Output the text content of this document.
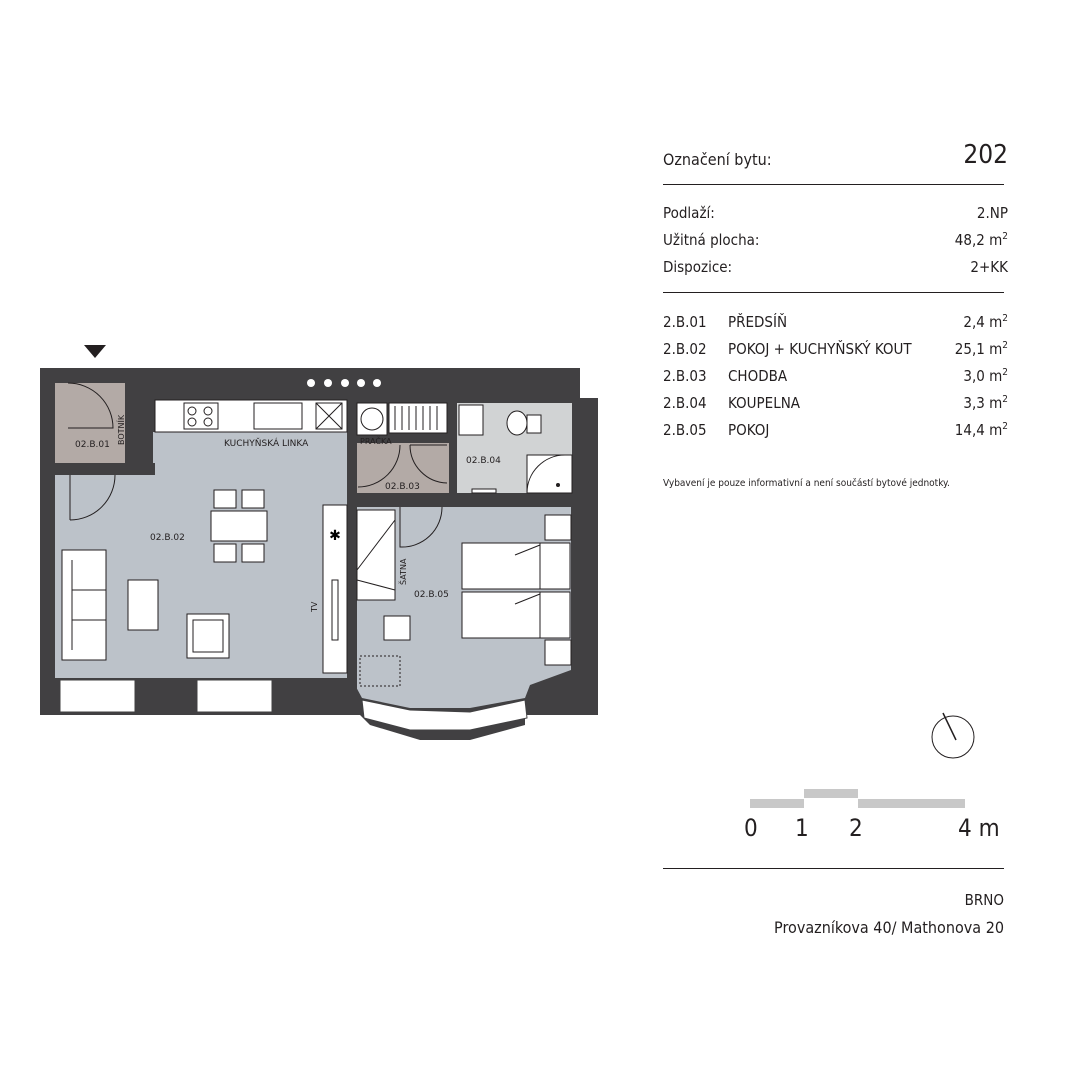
✱
02.B.01 BOTNÍK	KUCHYŇSKÁ LINKA
02.B.02
PRAČKA
02.B.03
02.B.04
ŠATNA
02.B.05
TV
Označení bytu:	202
Podlaží:	2.NP
Užitná plocha:	48,2 $m^2$
Dispozice:	2+KK
2.B.01 PŘEDSÍŇ	2,4 $m^2$
2.B.02 POKOJ + KUCHYŇSKÝ KOUT	25,1 $m^2$
2.B.03 CHODBA	3,0 $m^2$
2.B.04 KOUPELNA	3,3 $m^2$
2.B.05 POKOJ	14,4 $m^2$
Vybavení je pouze informativní a není součástí bytové jednotky.
0 1 2	4 m
BRNO
Provazníkova 40/ Mathonova 20
